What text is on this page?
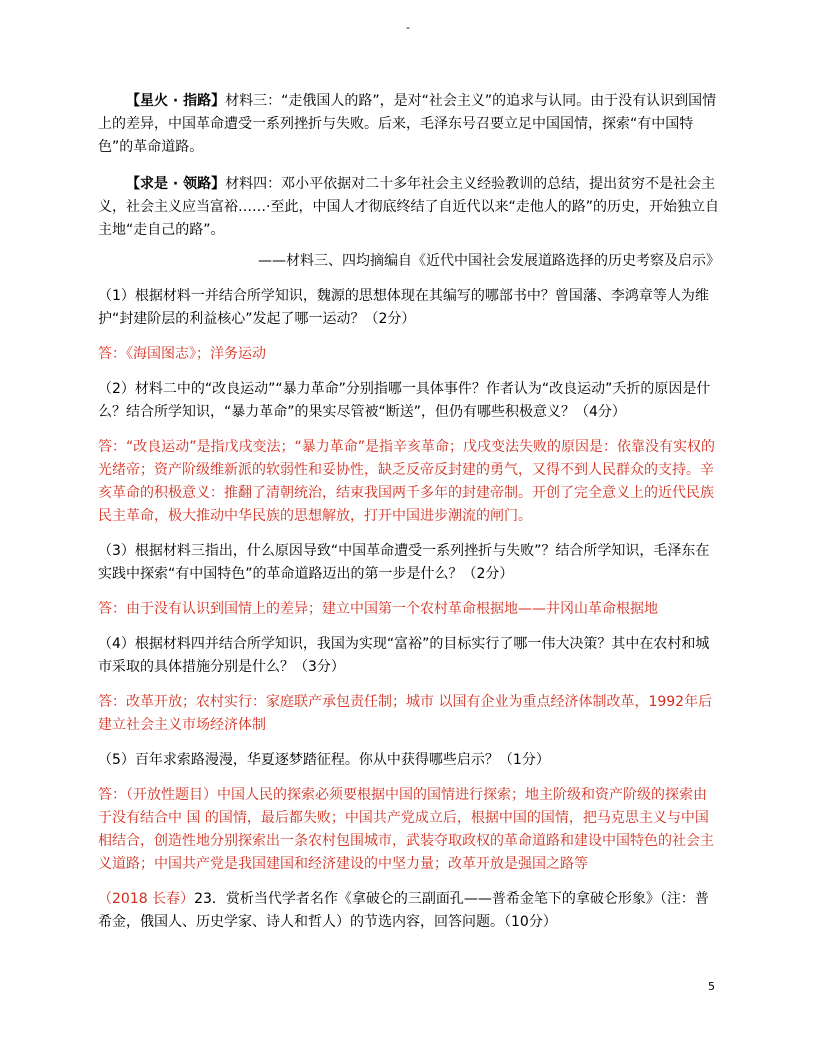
-

【星火 · 指路】材料三：“走俄国人的路”，是对“社会主义”的追求与认同。由于没有认识到国情上的差异，中国革命遭受一系列挫折与失败。后来，毛泽东号召要立足中国国情，探索“有中国特色”的革命道路。

【求是 · 领路】材料四：邓小平依据对二十多年社会主义经验教训的总结，提出贫穷不是社会主义，社会主义应当富裕……·至此，中国人才彻底终结了自近代以来“走他人的路”的历史，开始独立自主地“走自己的路”。

——材料三、四均摘编自《近代中国社会发展道路选择的历史考察及启示》

（1）根据材料一并结合所学知识，魏源的思想体现在其编写的哪部书中？曾国藩、李鸿章等人为维护“封建阶层的利益核心”发起了哪一运动？（2分）

答：《海国图志》；洋务运动

（2）材料二中的“改良运动”“暴力革命”分别指哪一具体事件？作者认为“改良运动”夭折的原因是什么？结合所学知识，“暴力革命”的果实尽管被“断送”，但仍有哪些积极意义？（4分）

答：“改良运动”是指戊戌变法；“暴力革命”是指辛亥革命；戊戌变法失败的原因是：依靠没有实权的光绪帝；资产阶级维新派的软弱性和妥协性，缺乏反帝反封建的勇气，又得不到人民群众的支持。辛亥革命的积极意义：推翻了清朝统治，结束我国两千多年的封建帝制。开创了完全意义上的近代民族民主革命，极大推动中华民族的思想解放，打开中国进步潮流的闸门。

（3）根据材料三指出，什么原因导致“中国革命遭受一系列挫折与失败”？结合所学知识，毛泽东在实践中探索“有中国特色”的革命道路迈出的第一步是什么？（2分）

答：由于没有认识到国情上的差异；建立中国第一个农村革命根据地——井冈山革命根据地

（4）根据材料四并结合所学知识，我国为实现“富裕”的目标实行了哪一伟大决策？其中在农村和城市采取的具体措施分别是什么？（3分）

答：改革开放；农村实行：家庭联产承包责任制；城市 以国有企业为重点经济体制改革，1992年后建立社会主义市场经济体制

（5）百年求索路漫漫，华夏逐梦踏征程。你从中获得哪些启示？（1分）

答：（开放性题目）中国人民的探索必须要根据中国的国情进行探索；地主阶级和资产阶级的探索由于没有结合中 国 的国情，最后都失败；中国共产党成立后，根据中国的国情，把马克思主义与中国相结合，创造性地分别探索出一条农村包围城市，武装夺取政权的革命道路和建设中国特色的社会主义道路；中国共产党是我国建国和经济建设的中坚力量；改革开放是强国之路等

（2018 长春）23．赏析当代学者名作《拿破仑的三副面孔——普希金笔下的拿破仑形象》（注：普希金，俄国人、历史学家、诗人和哲人）的节选内容，回答问题。（10分）

5
